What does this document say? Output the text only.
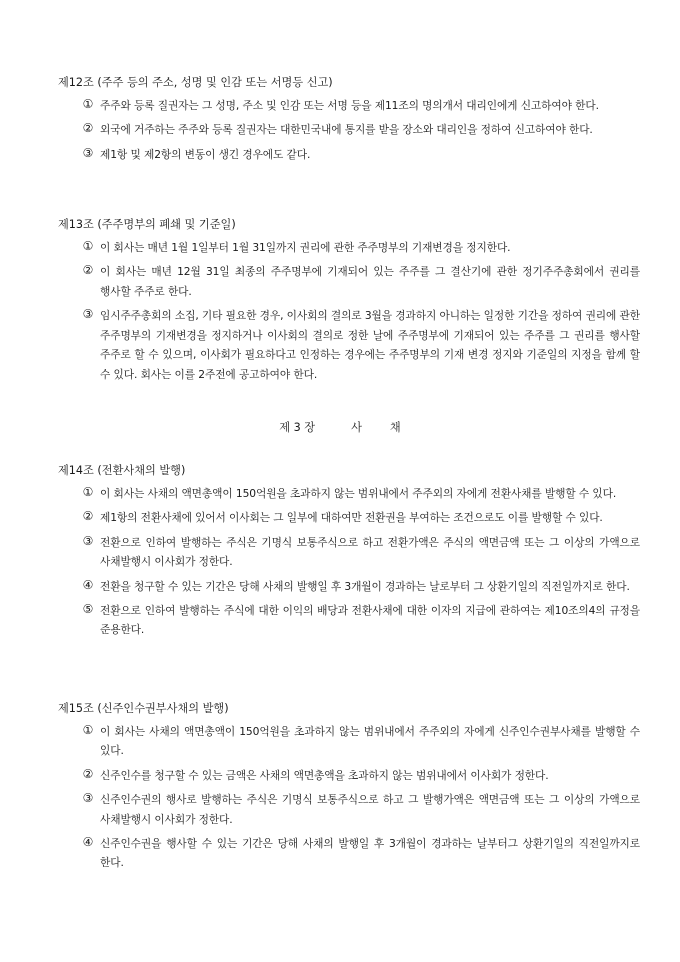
제12조 (주주 등의 주소, 성명 및 인감 또는 서명등 신고)
① 주주와 등록 질권자는 그 성명, 주소 및 인감 또는 서명 등을 제11조의 명의개서 대리인에게 신고하여야 한다.
② 외국에 거주하는 주주와 등록 질권자는 대한민국내에 통지를 받을 장소와 대리인을 정하여 신고하여야 한다.
③ 제1항 및 제2항의 변동이 생긴 경우에도 같다.
제13조 (주주명부의 폐쇄 및 기준일)
① 이 회사는 매년 1월 1일부터 1월 31일까지 권리에 관한 주주명부의 기재변경을 정지한다.
② 이 회사는 매년 12월 31일 최종의 주주명부에 기재되어 있는 주주를 그 결산기에 관한 정기주주총회에서 권리를 행사할 주주로 한다.
③ 임시주주총회의 소집, 기타 필요한 경우, 이사회의 결의로 3월을 경과하지 아니하는 일정한 기간을 정하여 권리에 관한 주주명부의 기재변경을 정지하거나 이사회의 결의로 정한 날에 주주명부에 기재되어 있는 주주를 그 권리를 행사할 주주로 할 수 있으며, 이사회가 필요하다고 인정하는 경우에는 주주명부의 기재 변경 정지와 기준일의 지정을 함께 할 수 있다. 회사는 이를 2주전에 공고하여야 한다.
제 3 장	사	채
제14조 (전환사채의 발행)
① 이 회사는 사채의 액면총액이 150억원을 초과하지 않는 범위내에서 주주외의 자에게 전환사채를 발행할 수 있다.
② 제1항의 전환사채에 있어서 이사회는 그 일부에 대하여만 전환권을 부여하는 조건으로도 이를 발행할 수 있다.
③ 전환으로 인하여 발행하는 주식은 기명식 보통주식으로 하고 전환가액은 주식의 액면금액 또는 그 이상의 가액으로 사채발행시 이사회가 정한다.
④ 전환을 청구할 수 있는 기간은 당해 사채의 발행일 후 3개월이 경과하는 날로부터 그 상환기일의 직전일까지로 한다.
⑤ 전환으로 인하여 발행하는 주식에 대한 이익의 배당과 전환사채에 대한 이자의 지급에 관하여는 제10조의4의 규정을 준용한다.
제15조 (신주인수권부사채의 발행)
① 이 회사는 사채의 액면총액이 150억원을 초과하지 않는 범위내에서 주주외의 자에게 신주인수권부사채를 발행할 수 있다.
② 신주인수를 청구할 수 있는 금액은 사채의 액면총액을 초과하지 않는 범위내에서 이사회가 정한다.
③ 신주인수권의 행사로 발행하는 주식은 기명식 보통주식으로 하고 그 발행가액은 액면금액 또는 그 이상의 가액으로 사채발행시 이사회가 정한다.
④ 신주인수권을 행사할 수 있는 기간은 당해 사채의 발행일 후 3개월이 경과하는 날부터그 상환기일의 직전일까지로 한다.
